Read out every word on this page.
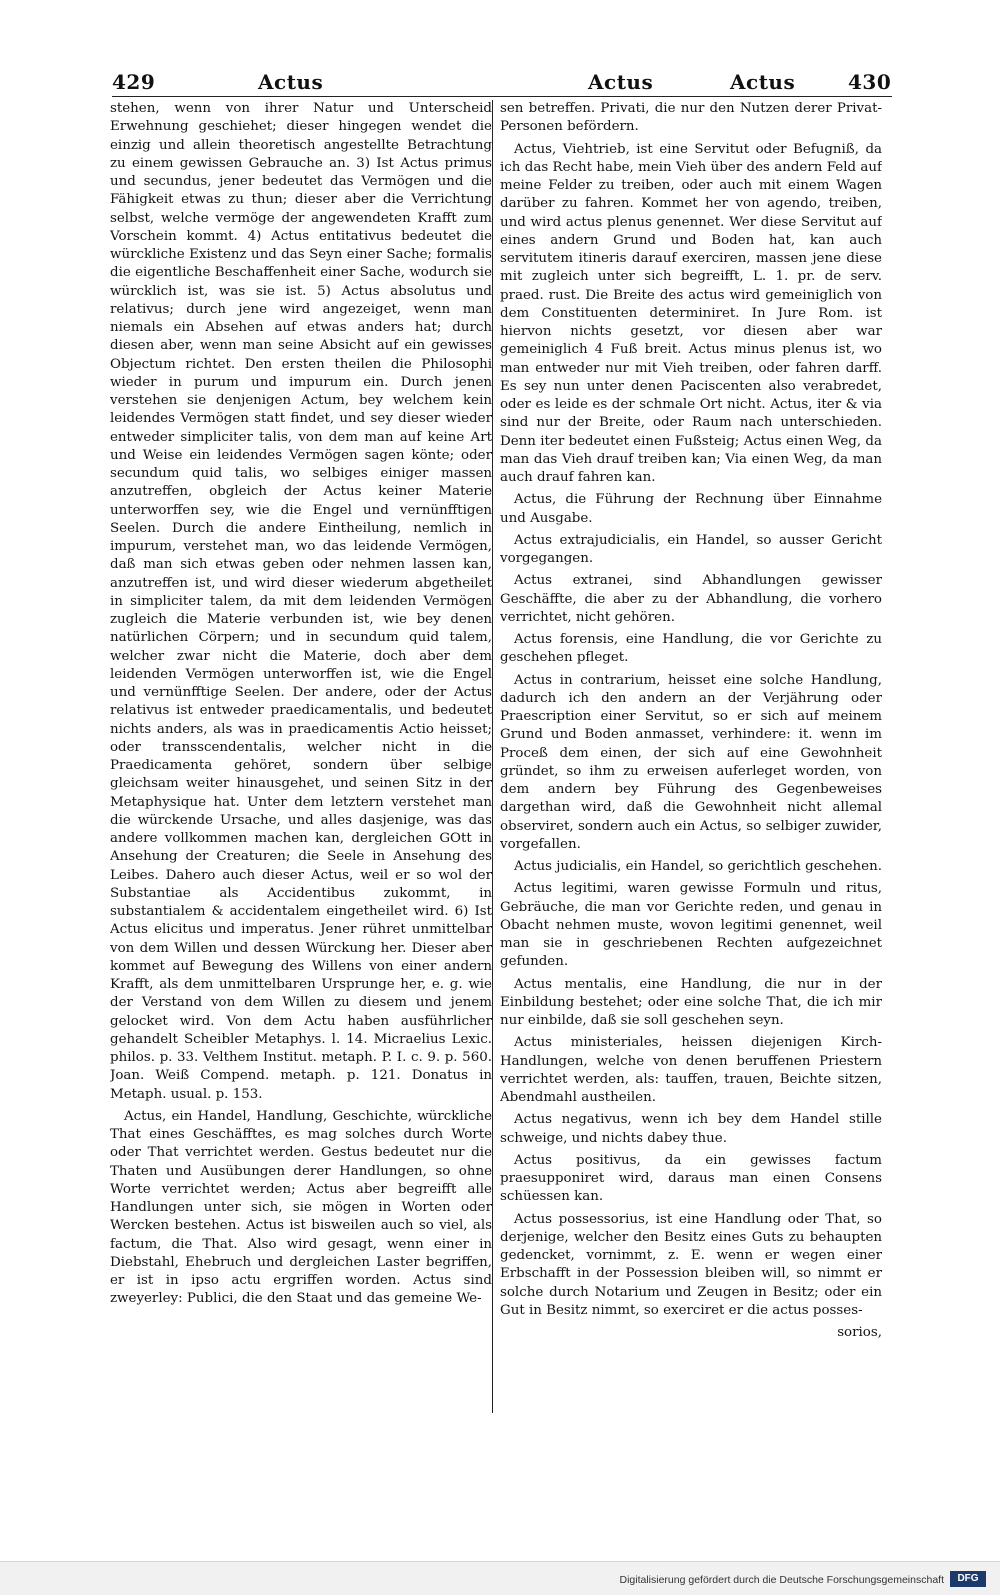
429	Actus	Actus	Actus	430

stehen, wenn von ihrer Natur und Unterscheid Erwehnung geschiehet; dieser hingegen wendet die einzig und allein theoretisch angestellte Betrachtung zu einem gewissen Gebrauche an. 3) Ist Actus primus und secundus, jener bedeutet das Vermögen und die Fähigkeit etwas zu thun; dieser aber die Verrichtung selbst, welche vermöge der angewendeten Krafft zum Vorschein kommt. 4) Actus entitativus bedeutet die würckliche Existenz und das Seyn einer Sache; formalis die eigentliche Beschaffenheit einer Sache, wodurch sie würcklich ist, was sie ist. 5) Actus absolutus und relativus; durch jene wird angezeiget, wenn man niemals ein Absehen auf etwas anders hat; durch diesen aber, wenn man seine Absicht auf ein gewisses Objectum richtet. Den ersten theilen die Philosophi wieder in purum und impurum ein. Durch jenen verstehen sie denjenigen Actum, bey welchem kein leidendes Vermögen statt findet, und sey dieser wieder entweder simpliciter talis, von dem man auf keine Art und Weise ein leidendes Vermögen sagen könte; oder secundum quid talis, wo selbiges einiger massen anzutreffen, obgleich der Actus keiner Materie unterworffen sey, wie die Engel und vernünfftigen Seelen. Durch die andere Eintheilung, nemlich in impurum, verstehet man, wo das leidende Vermögen, daß man sich etwas geben oder nehmen lassen kan, anzutreffen ist, und wird dieser wiederum abgetheilet in simpliciter talem, da mit dem leidenden Vermögen zugleich die Materie verbunden ist, wie bey denen natürlichen Cörpern; und in secundum quid talem, welcher zwar nicht die Materie, doch aber dem leidenden Vermögen unterworffen ist, wie die Engel und vernünfftige Seelen. Der andere, oder der Actus relativus ist entweder praedicamentalis, und bedeutet nichts anders, als was in praedicamentis Actio heisset; oder transscendentalis, welcher nicht in die Praedicamenta gehöret, sondern über selbige gleichsam weiter hinausgehet, und seinen Sitz in der Metaphysique hat. Unter dem letztern verstehet man die würckende Ursache, und alles dasjenige, was das andere vollkommen machen kan, dergleichen GOtt in Ansehung der Creaturen; die Seele in Ansehung des Leibes. Dahero auch dieser Actus, weil er so wol der Substantiae als Accidentibus zukommt, in substantialem & accidentalem eingetheilet wird. 6) Ist Actus elicitus und imperatus. Jener rühret unmittelbar von dem Willen und dessen Würckung her. Dieser aber kommet auf Bewegung des Willens von einer andern Krafft, als dem unmittelbaren Ursprunge her, e. g. wie der Verstand von dem Willen zu diesem und jenem gelocket wird. Von dem Actu haben ausführlicher gehandelt Scheibler Metaphys. l. 14. Micraelius Lexic. philos. p. 33. Velthem Institut. metaph. P. I. c. 9. p. 560. Joan. Weiß Compend. metaph. p. 121. Donatus in Metaph. usual. p. 153.

Actus, ein Handel, Handlung, Geschichte, würckliche That eines Geschäfftes, es mag solches durch Worte oder That verrichtet werden. Gestus bedeutet nur die Thaten und Ausübungen derer Handlungen, so ohne Worte verrichtet werden; Actus aber begreifft alle Handlungen unter sich, sie mögen in Worten oder Wercken bestehen. Actus ist bisweilen auch so viel, als factum, die That. Also wird gesagt, wenn einer in Diebstahl, Ehebruch und dergleichen Laster begriffen, er ist in ipso actu ergriffen worden. Actus sind zweyerley: Publici, die den Staat und das gemeine We-

sen betreffen. Privati, die nur den Nutzen derer Privat-Personen befördern.

Actus, Viehtrieb, ist eine Servitut oder Befugniß, da ich das Recht habe, mein Vieh über des andern Feld auf meine Felder zu treiben, oder auch mit einem Wagen darüber zu fahren. Kommet her von agendo, treiben, und wird actus plenus genennet. Wer diese Servitut auf eines andern Grund und Boden hat, kan auch servitutem itineris darauf exerciren, massen jene diese mit zugleich unter sich begreifft, L. 1. pr. de serv. praed. rust. Die Breite des actus wird gemeiniglich von dem Constituenten determiniret. In Jure Rom. ist hiervon nichts gesetzt, vor diesen aber war gemeiniglich 4 Fuß breit. Actus minus plenus ist, wo man entweder nur mit Vieh treiben, oder fahren darff. Es sey nun unter denen Paciscenten also verabredet, oder es leide es der schmale Ort nicht. Actus, iter & via sind nur der Breite, oder Raum nach unterschieden. Denn iter bedeutet einen Fußsteig; Actus einen Weg, da man das Vieh drauf treiben kan; Via einen Weg, da man auch drauf fahren kan.

Actus, die Führung der Rechnung über Einnahme und Ausgabe.

Actus extrajudicialis, ein Handel, so ausser Gericht vorgegangen.

Actus extranei, sind Abhandlungen gewisser Geschäffte, die aber zu der Abhandlung, die vorhero verrichtet, nicht gehören.

Actus forensis, eine Handlung, die vor Gerichte zu geschehen pfleget.

Actus in contrarium, heisset eine solche Handlung, dadurch ich den andern an der Verjährung oder Praescription einer Servitut, so er sich auf meinem Grund und Boden anmasset, verhindere: it. wenn im Proceß dem einen, der sich auf eine Gewohnheit gründet, so ihm zu erweisen auferleget worden, von dem andern bey Führung des Gegenbeweises dargethan wird, daß die Gewohnheit nicht allemal observiret, sondern auch ein Actus, so selbiger zuwider, vorgefallen.

Actus judicialis, ein Handel, so gerichtlich geschehen.

Actus legitimi, waren gewisse Formuln und ritus, Gebräuche, die man vor Gerichte reden, und genau in Obacht nehmen muste, wovon legitimi genennet, weil man sie in geschriebenen Rechten aufgezeichnet gefunden.

Actus mentalis, eine Handlung, die nur in der Einbildung bestehet; oder eine solche That, die ich mir nur einbilde, daß sie soll geschehen seyn.

Actus ministeriales, heissen diejenigen Kirch-Handlungen, welche von denen beruffenen Priestern verrichtet werden, als: tauffen, trauen, Beichte sitzen, Abendmahl austheilen.

Actus negativus, wenn ich bey dem Handel stille schweige, und nichts dabey thue.

Actus positivus, da ein gewisses factum praesupponiret wird, daraus man einen Consens schüessen kan.

Actus possessorius, ist eine Handlung oder That, so derjenige, welcher den Besitz eines Guts zu behaupten gedencket, vornimmt, z. E. wenn er wegen einer Erbschafft in der Possession bleiben will, so nimmt er solche durch Notarium und Zeugen in Besitz; oder ein Gut in Besitz nimmt, so exerciret er die actus posses-

sorios,

Digitalisierung gefördert durch die Deutsche Forschungsgemeinschaft	DFG
